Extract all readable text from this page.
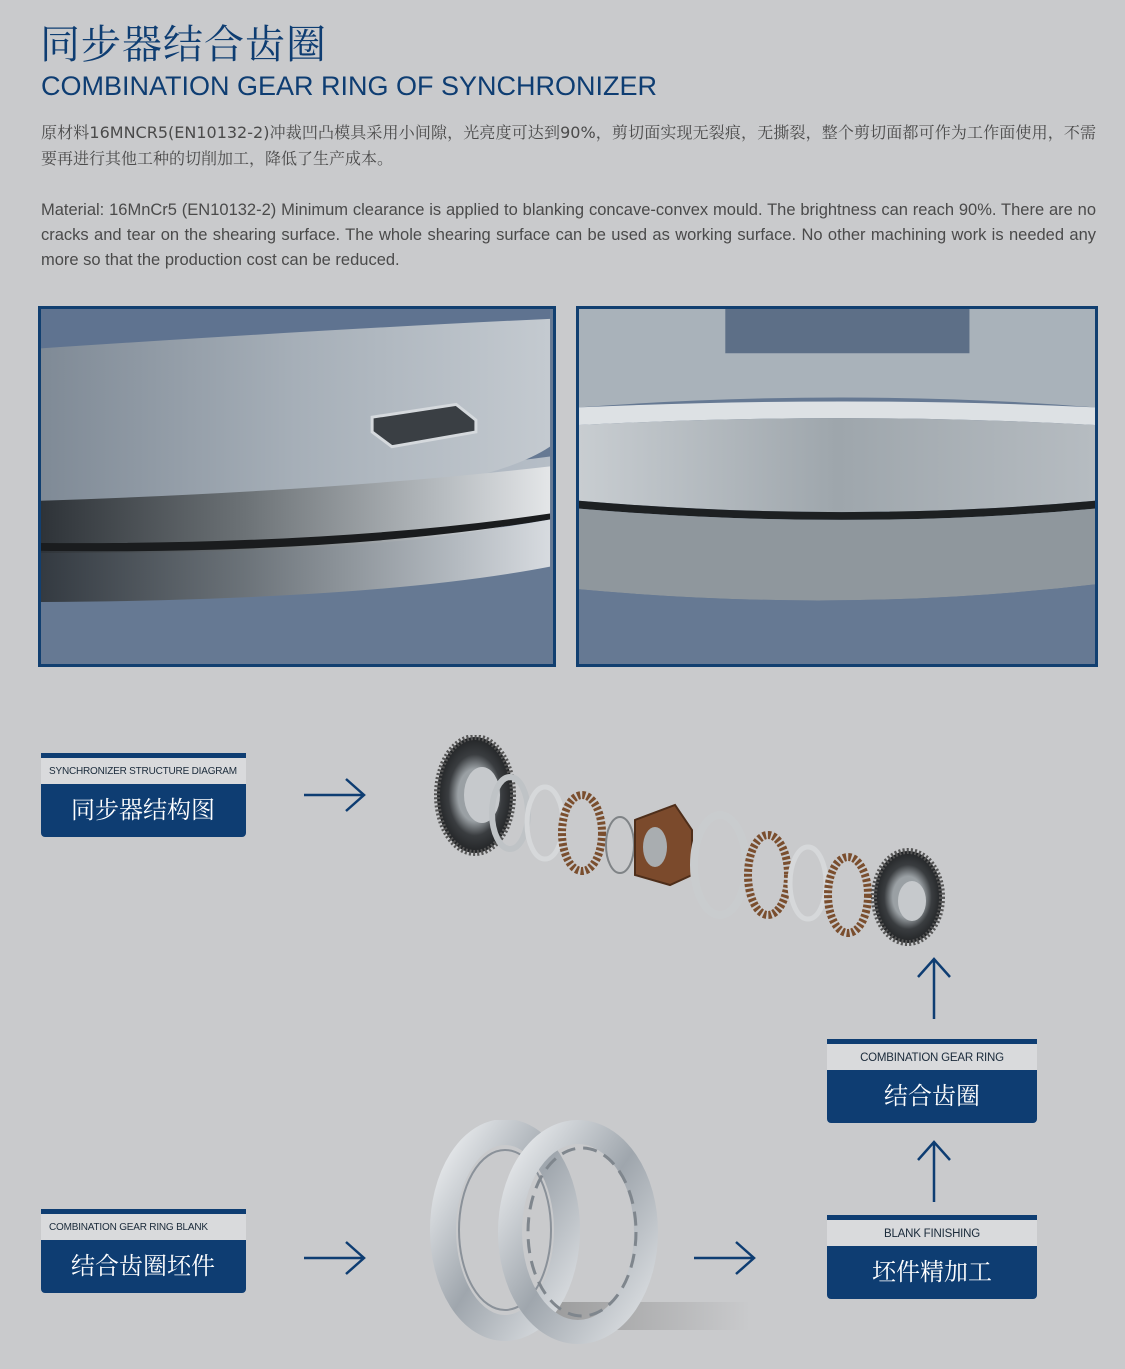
同步器结合齿圈
COMBINATION GEAR RING OF SYNCHRONIZER
原材料16MNCR5(EN10132-2)冲裁凹凸模具采用小间隙，光亮度可达到90%，剪切面实现无裂痕，无撕裂，整个剪切面都可作为工作面使用，不需要再进行其他工种的切削加工，降低了生产成本。
Material: 16MnCr5 (EN10132-2) Minimum clearance is applied to blanking concave-convex mould. The brightness can reach 90%. There are no cracks and tear on the shearing surface. The whole shearing surface can be used as working surface. No other machining work is needed any more so that the production cost can be reduced.
SYNCHRONIZER STRUCTURE DIAGRAM
同步器结构图
COMBINATION GEAR RING BLANK
结合齿圈坯件
COMBINATION GEAR RING
结合齿圈
BLANK FINISHING
坯件精加工
